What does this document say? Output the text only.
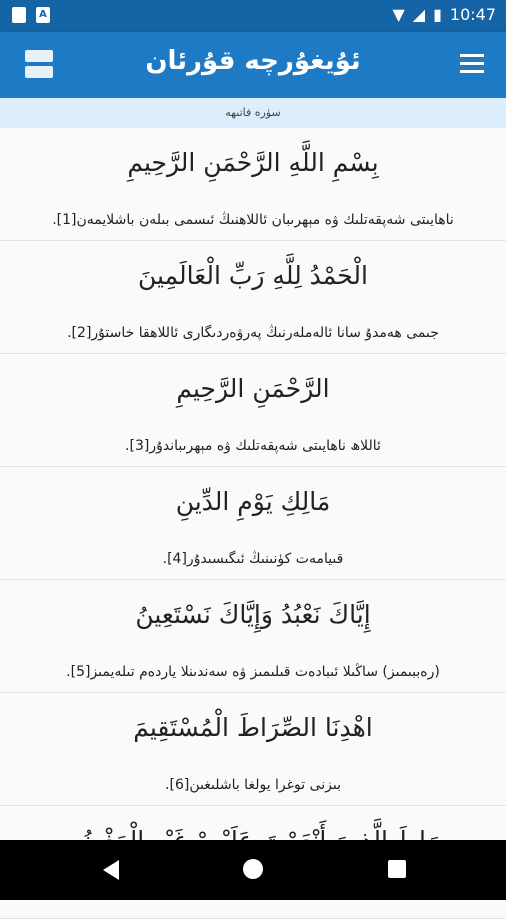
A	▼ ◢ ▮ 10:47
ئۇيغۇرچە قۇرئان
سۈرە فاتىھە
بِسْمِ اللَّهِ الرَّحْمَنِ الرَّحِيمِ
ناھايىتى شەپقەتلىك ۋە مېھرىبان ئاللاھنىڭ ئىسمى بىلەن باشلايمەن[1].
الْحَمْدُ لِلَّهِ رَبِّ الْعَالَمِينَ
جىمى ھەمدۇ سانا ئالەملەرنىڭ پەرۋەردىگارى ئاللاھقا خاستۇر[2].
الرَّحْمَنِ الرَّحِيمِ
ئاللاھ ناھايىتى شەپقەتلىك ۋە مېھرىباندۇر[3].
مَالِكِ يَوْمِ الدِّينِ
قىيامەت كۈنىنىڭ ئىگىسىدۇر[4].
إِيَّاكَ نَعْبُدُ وَإِيَّاكَ نَسْتَعِينُ
(رەببىمىز) ساڭىلا ئىبادەت قىلىمىز ۋە سەندىنلا ياردەم تىلەيمىز[5].
اهْدِنَا الصِّرَاطَ الْمُسْتَقِيمَ
بىزنى توغرا يولغا باشلىغىن[6].
